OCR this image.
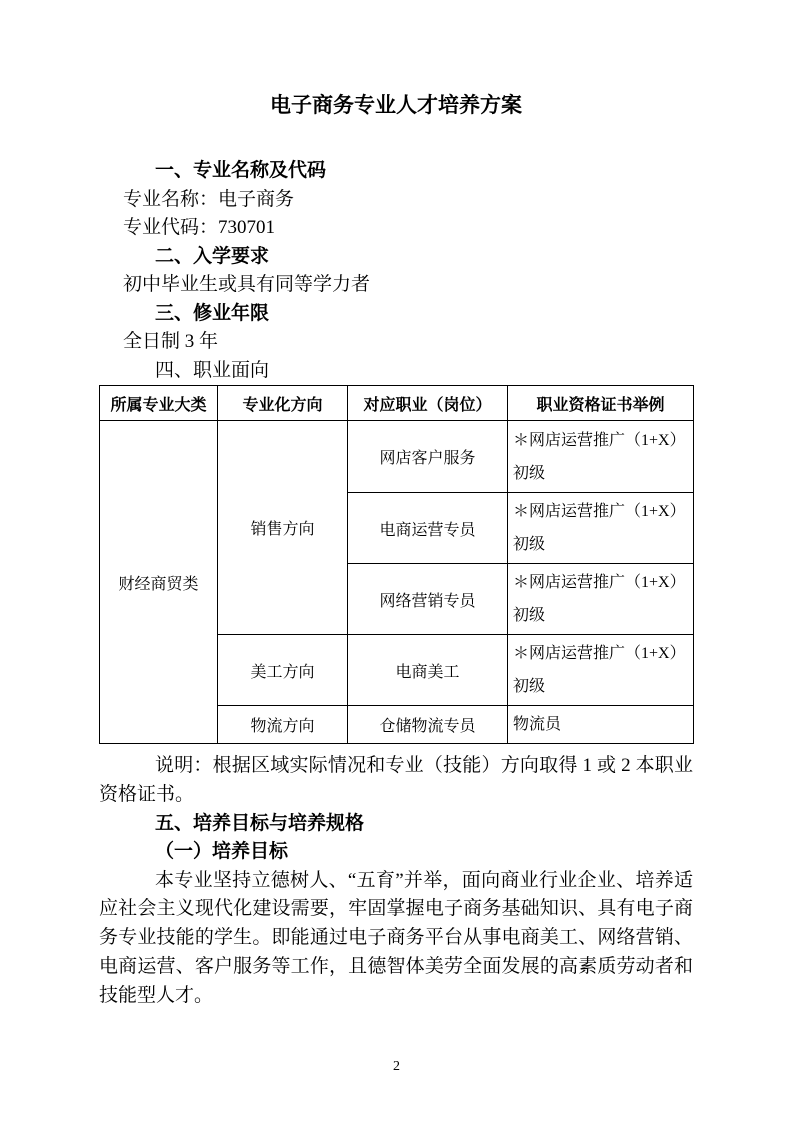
电子商务专业人才培养方案

一、专业名称及代码

专业名称：电子商务

专业代码：730701

二、入学要求

初中毕业生或具有同等学力者

三、修业年限

全日制 3 年

四、职业面向

所属专业大类	专业化方向	对应职业（岗位）	职业资格证书举例
财经商贸类	销售方向	网店客户服务	＊网店运营推广（1+X）初级
		电商运营专员	＊网店运营推广（1+X）初级
		网络营销专员	＊网店运营推广（1+X）初级
	美工方向	电商美工	＊网店运营推广（1+X）初级
	物流方向	仓储物流专员	物流员

说明：根据区域实际情况和专业（技能）方向取得 1 或 2 本职业资格证书。

五、培养目标与培养规格

（一）培养目标

本专业坚持立德树人、“五育”并举，面向商业行业企业、培养适应社会主义现代化建设需要，牢固掌握电子商务基础知识、具有电子商务专业技能的学生。即能通过电子商务平台从事电商美工、网络营销、电商运营、客户服务等工作，且德智体美劳全面发展的高素质劳动者和技能型人才。

2
